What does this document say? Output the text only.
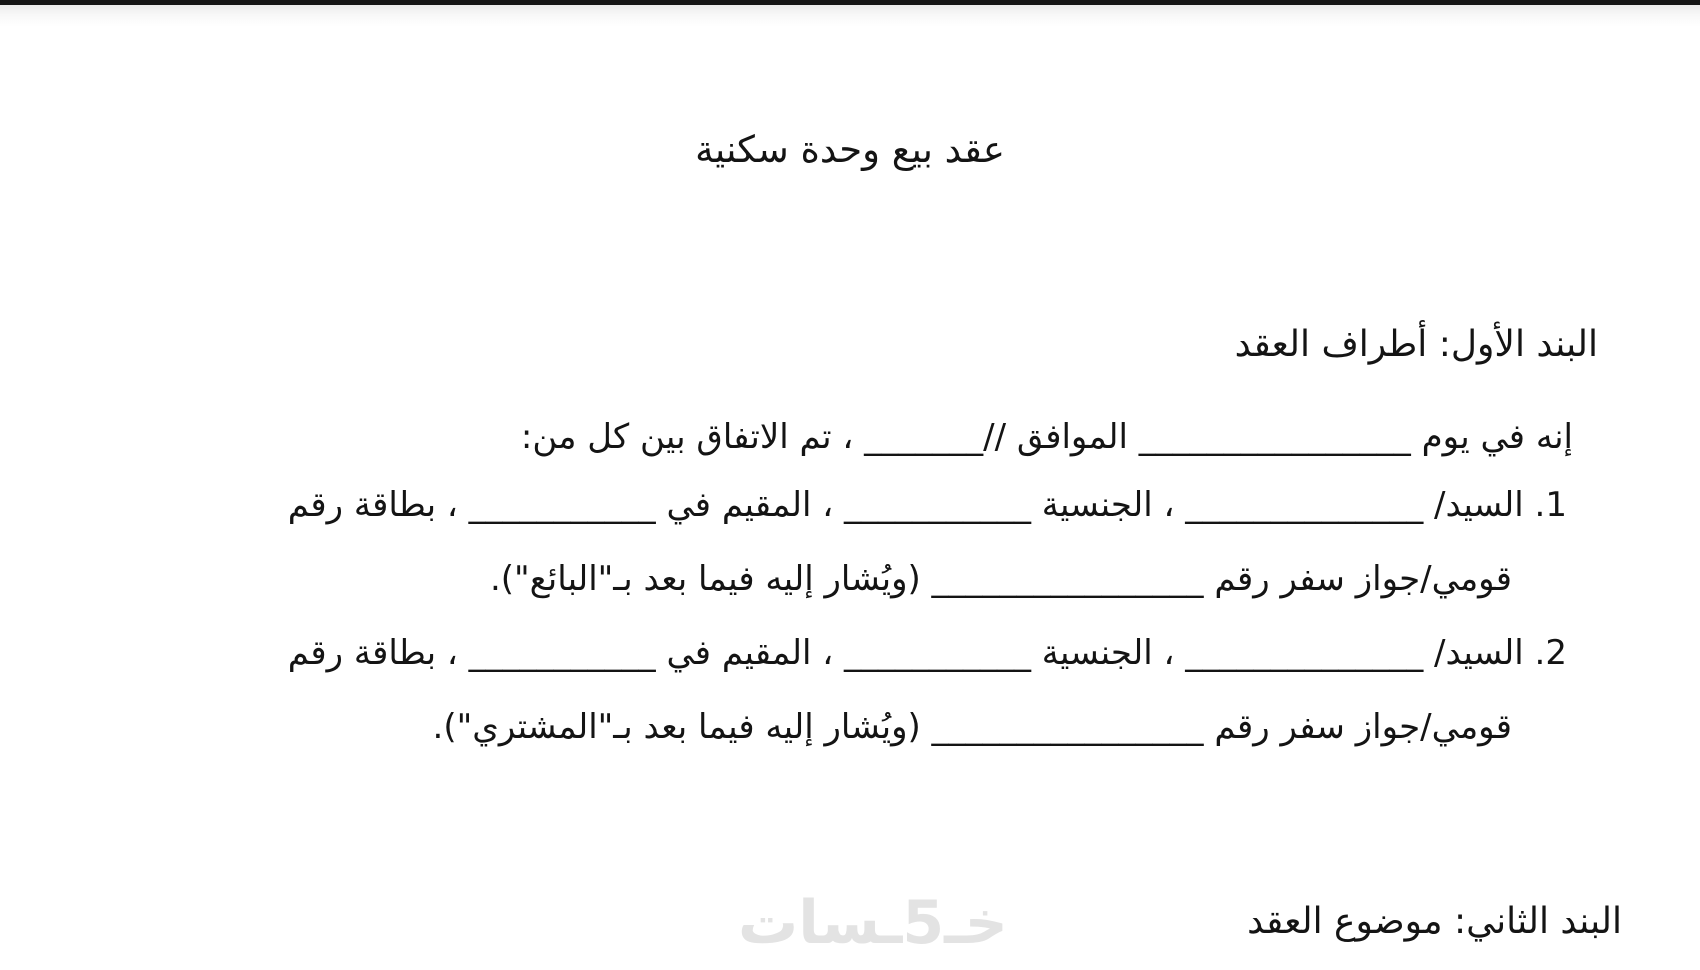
عقد بيع وحدة سكنية
البند الأول: أطراف العقد

إنه في يوم ________________ الموافق //_______ ، تم الاتفاق بين كل من:

1. السيد/ ______________ ، الجنسية ___________ ، المقيم في ___________ ، بطاقة رقم
قومي/جواز سفر رقم ________________ (ويُشار إليه فيما بعد بـ"البائع").
2. السيد/ ______________ ، الجنسية ___________ ، المقيم في ___________ ، بطاقة رقم
قومي/جواز سفر رقم ________________ (ويُشار إليه فيما بعد بـ"المشتري").
البند الثاني: موضوع العقد
خـ5ـسات
